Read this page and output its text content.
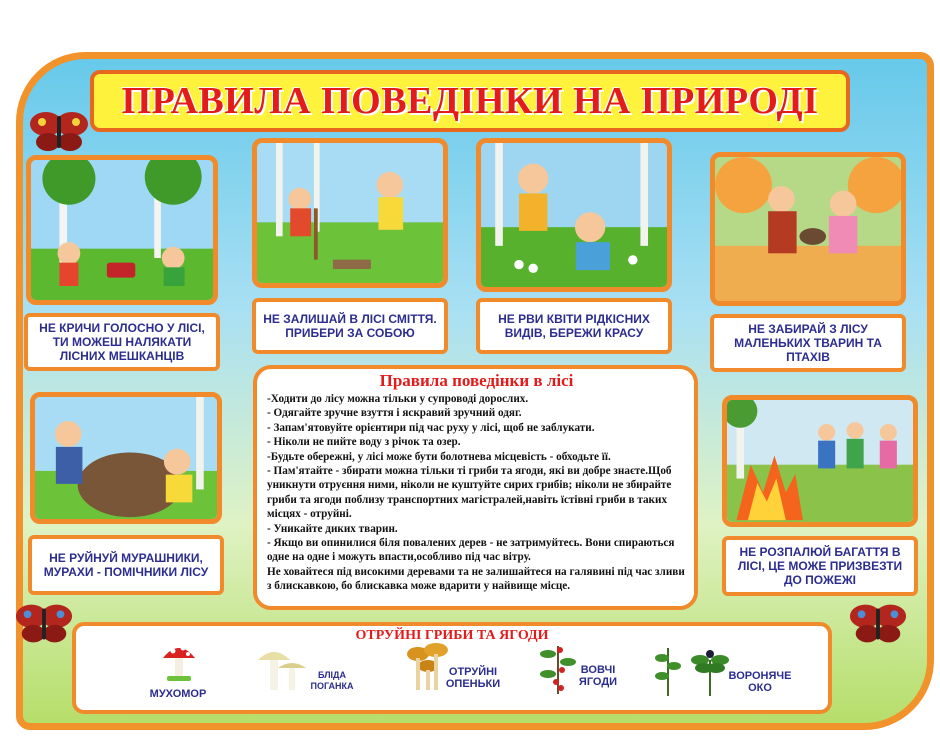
ПРАВИЛА ПОВЕДІНКИ НА ПРИРОДІ
НЕ КРИЧИ ГОЛОСНО У ЛІСІ, ТИ МОЖЕШ НАЛЯКАТИ ЛІСНИХ МЕШКАНЦІВ
НЕ ЗАЛИШАЙ В ЛІСІ СМІТТЯ. ПРИБЕРИ ЗА СОБОЮ
НЕ РВИ КВІТИ РІДКІСНИХ ВИДІВ, БЕРЕЖИ КРАСУ	НЕ ЗАБИРАЙ З ЛІСУ МАЛЕНЬКИХ ТВАРИН ТА ПТАХІВ
НЕ РУЙНУЙ МУРАШНИКИ, МУРАХИ - ПОМІЧНИКИ ЛІСУ
НЕ РОЗПАЛЮЙ БАГАТТЯ В ЛІСІ, ЦЕ МОЖЕ ПРИЗВЕЗТИ ДО ПОЖЕЖІ
Правила поведінки в лісі
-Ходити до лісу можна тільки у супроводі дорослих.
- Одягайте зручне взуття і яскравий зручний одяг.
- Запам'ятовуйте орієнтири під час руху у лісі, щоб не заблукати.
- Ніколи не пийте воду з річок та озер.
-Будьте обережні, у лісі може бути болотнева місцевість - обходьте її.
- Пам'ятайте - збирати можна тільки ті гриби та ягоди, які ви добре знаєте.Щоб уникнути отруєння ними, ніколи не куштуйте сирих грибів; ніколи не збирайте гриби та ягоди поблизу транспортних магістралей,навіть їстівні гриби в таких місцях - отруйні.
- Уникайте диких тварин.
- Якщо ви опинилися біля повалених дерев - не затримуйтесь. Вони спираються одне на одне і можуть впасти,особливо під час вітру.
Не ховайтеся під високими деревами та не залишайтеся на галявині під час зливи з блискавкою, бо блискавка може вдарити у найвище місце.
ОТРУЙНІ ГРИБИ ТА ЯГОДИ
МУХОМОР
БЛІДА ПОГАНКА
ОТРУЙНІ ОПЕНЬКИ
ВОВЧІ ЯГОДИ	ВОРОНЯЧЕ ОКО
